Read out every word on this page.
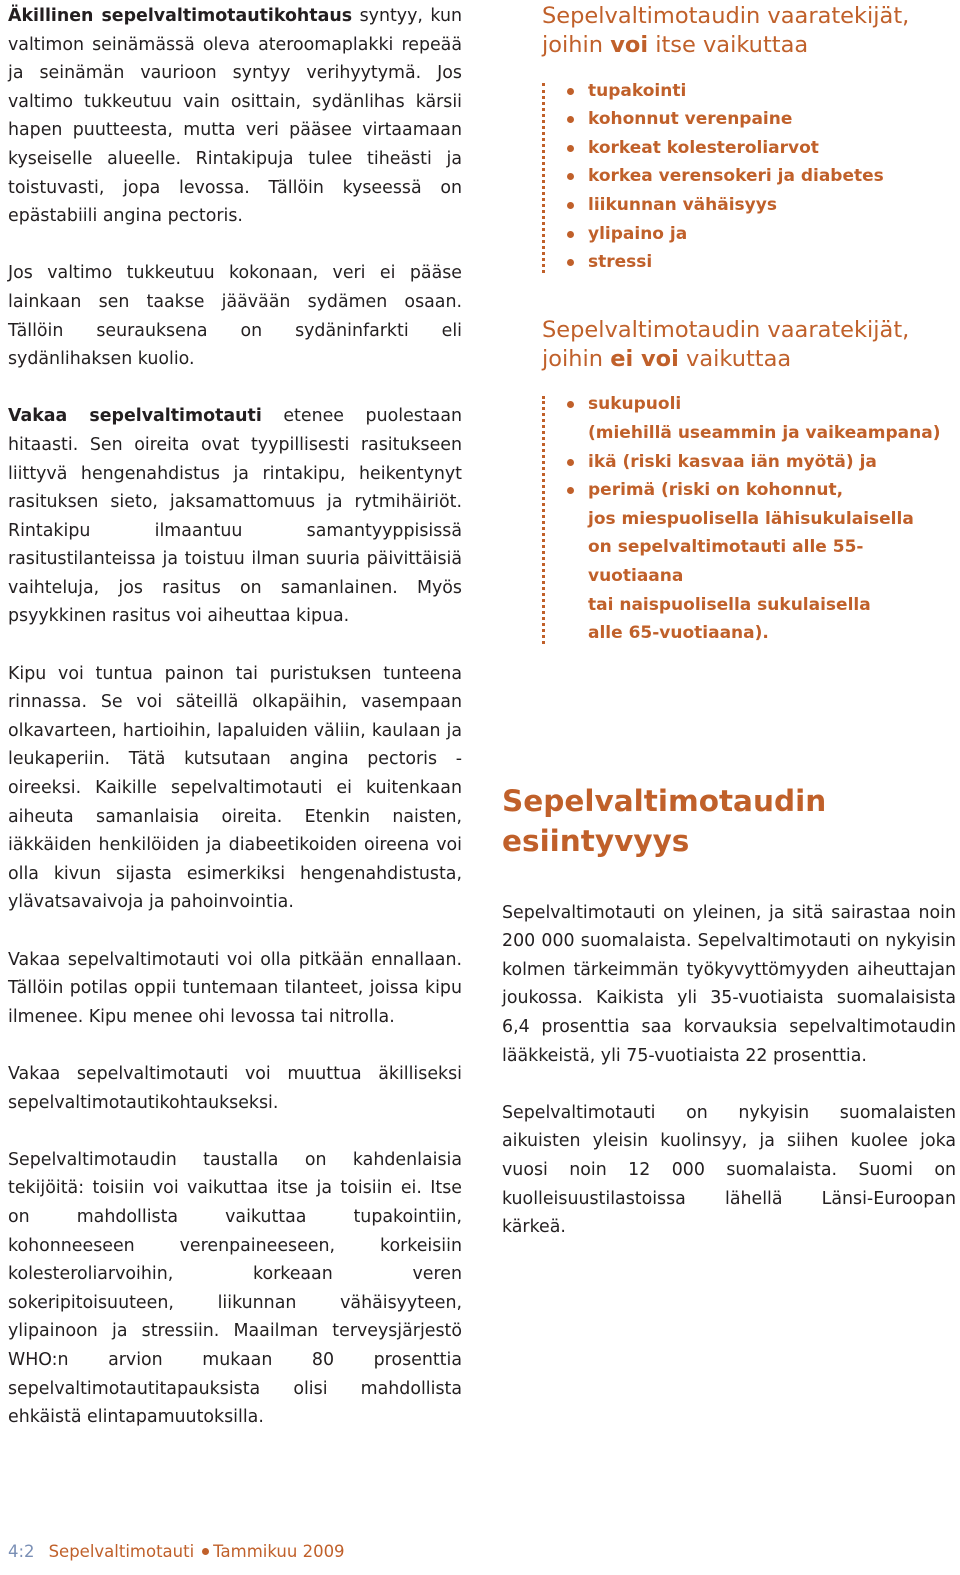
Äkillinen sepelvaltimotautikohtaus syntyy, kun valtimon seinämässä oleva ateroomaplakki repeää ja seinämän vaurioon syntyy verihyytymä. Jos valtimo tukkeutuu vain osittain, sydänlihas kärsii hapen puutteesta, mutta veri pääsee virtaamaan kyseiselle alueelle. Rintakipuja tulee tiheästi ja toistuvasti, jopa levossa. Tällöin kyseessä on epästabiili angina pectoris.

Jos valtimo tukkeutuu kokonaan, veri ei pääse lainkaan sen taakse jäävään sydämen osaan. Tällöin seurauksena on sydäninfarkti eli sydänlihaksen kuolio.

Vakaa sepelvaltimotauti etenee puolestaan hitaasti. Sen oireita ovat tyypillisesti rasitukseen liittyvä hengenahdistus ja rintakipu, heikentynyt rasituksen sieto, jaksamattomuus ja rytmihäiriöt. Rintakipu ilmaantuu samantyyppisissä rasitustilanteissa ja toistuu ilman suuria päivittäisiä vaihteluja, jos rasitus on samanlainen. Myös psyykkinen rasitus voi aiheuttaa kipua.

Kipu voi tuntua painon tai puristuksen tunteena rinnassa. Se voi säteillä olkapäihin, vasempaan olkavarteen, hartioihin, lapaluiden väliin, kaulaan ja leukaperiin. Tätä kutsutaan angina pectoris -oireeksi. Kaikille sepelvaltimotauti ei kuitenkaan aiheuta samanlaisia oireita. Etenkin naisten, iäkkäiden henkilöiden ja diabeetikoiden oireena voi olla kivun sijasta esimerkiksi hengenahdistusta, ylävatsavaivoja ja pahoinvointia.

Vakaa sepelvaltimotauti voi olla pitkään ennallaan. Tällöin potilas oppii tuntemaan tilanteet, joissa kipu ilmenee. Kipu menee ohi levossa tai nitrolla.

Vakaa sepelvaltimotauti voi muuttua äkilliseksi sepelvaltimotautikohtaukseksi.

Sepelvaltimotaudin taustalla on kahdenlaisia tekijöitä: toisiin voi vaikuttaa itse ja toisiin ei. Itse on mahdollista vaikuttaa tupakointiin, kohonneeseen verenpaineeseen, korkeisiin kolesteroliarvoihin, korkeaan veren sokeripitoisuuteen, liikunnan vähäisyyteen, ylipainoon ja stressiin. Maailman terveysjärjestö WHO:n arvion mukaan 80 prosenttia sepelvaltimotautitapauksista olisi mahdollista ehkäistä elintapamuutoksilla.

Sepelvaltimotaudin vaaratekijät,
joihin voi itse vaikuttaa
tupakointi
kohonnut verenpaine
korkeat kolesteroliarvot
korkea verensokeri ja diabetes
liikunnan vähäisyys
ylipaino ja
stressi
Sepelvaltimotaudin vaaratekijät,
joihin ei voi vaikuttaa
sukupuoli
(miehillä useammin ja vaikeampana)
ikä (riski kasvaa iän myötä) ja
perimä (riski on kohonnut,
jos miespuolisella lähisukulaisella
on sepelvaltimotauti alle 55-vuotiaana
tai naispuolisella sukulaisella
alle 65-vuotiaana).
Sepelvaltimotaudin esiintyvyys

Sepelvaltimotauti on yleinen, ja sitä sairastaa noin 200 000 suomalaista. Sepelvaltimotauti on nykyisin kolmen tärkeimmän työkyvyttömyyden aiheuttajan joukossa. Kaikista yli 35-vuotiaista suomalaisista 6,4 prosenttia saa korvauksia sepelvaltimotaudin lääkkeistä, yli 75-vuotiaista 22 prosenttia.

Sepelvaltimotauti on nykyisin suomalaisten aikuisten yleisin kuolinsyy, ja siihen kuolee joka vuosi noin 12 000 suomalaista. Suomi on kuolleisuustilastoissa lähellä Länsi-Euroopan kärkeä.

4:2 Sepelvaltimotauti Tammikuu 2009
